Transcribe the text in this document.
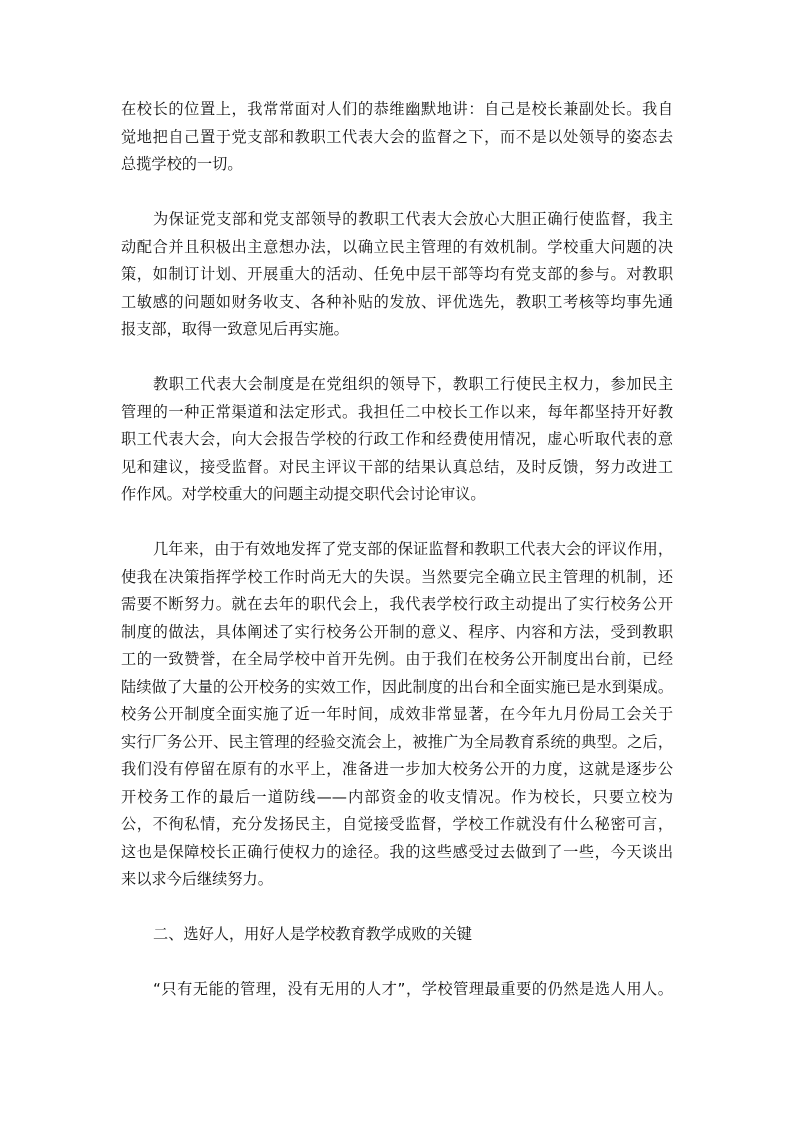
在校长的位置上，我常常面对人们的恭维幽默地讲：自己是校长兼副处长。我自
觉地把自己置于党支部和教职工代表大会的监督之下，而不是以处领导的姿态去
总揽学校的一切。
为保证党支部和党支部领导的教职工代表大会放心大胆正确行使监督，我主
动配合并且积极出主意想办法，以确立民主管理的有效机制。学校重大问题的决
策，如制订计划、开展重大的活动、任免中层干部等均有党支部的参与。对教职
工敏感的问题如财务收支、各种补贴的发放、评优选先，教职工考核等均事先通
报支部，取得一致意见后再实施。
教职工代表大会制度是在党组织的领导下，教职工行使民主权力，参加民主
管理的一种正常渠道和法定形式。我担任二中校长工作以来，每年都坚持开好教
职工代表大会，向大会报告学校的行政工作和经费使用情况，虚心听取代表的意
见和建议，接受监督。对民主评议干部的结果认真总结，及时反馈，努力改进工
作作风。对学校重大的问题主动提交职代会讨论审议。
几年来，由于有效地发挥了党支部的保证监督和教职工代表大会的评议作用，
使我在决策指挥学校工作时尚无大的失误。当然要完全确立民主管理的机制，还
需要不断努力。就在去年的职代会上，我代表学校行政主动提出了实行校务公开
制度的做法，具体阐述了实行校务公开制的意义、程序、内容和方法，受到教职
工的一致赞誉，在全局学校中首开先例。由于我们在校务公开制度出台前，已经
陆续做了大量的公开校务的实效工作，因此制度的出台和全面实施已是水到渠成。
校务公开制度全面实施了近一年时间，成效非常显著，在今年九月份局工会关于
实行厂务公开、民主管理的经验交流会上，被推广为全局教育系统的典型。之后，
我们没有停留在原有的水平上，准备进一步加大校务公开的力度，这就是逐步公
开校务工作的最后一道防线——内部资金的收支情况。作为校长，只要立校为
公，不徇私情，充分发扬民主，自觉接受监督，学校工作就没有什么秘密可言，
这也是保障校长正确行使权力的途径。我的这些感受过去做到了一些，今天谈出
来以求今后继续努力。
二、选好人，用好人是学校教育教学成败的关键
“只有无能的管理，没有无用的人才”，学校管理最重要的仍然是选人用人。
